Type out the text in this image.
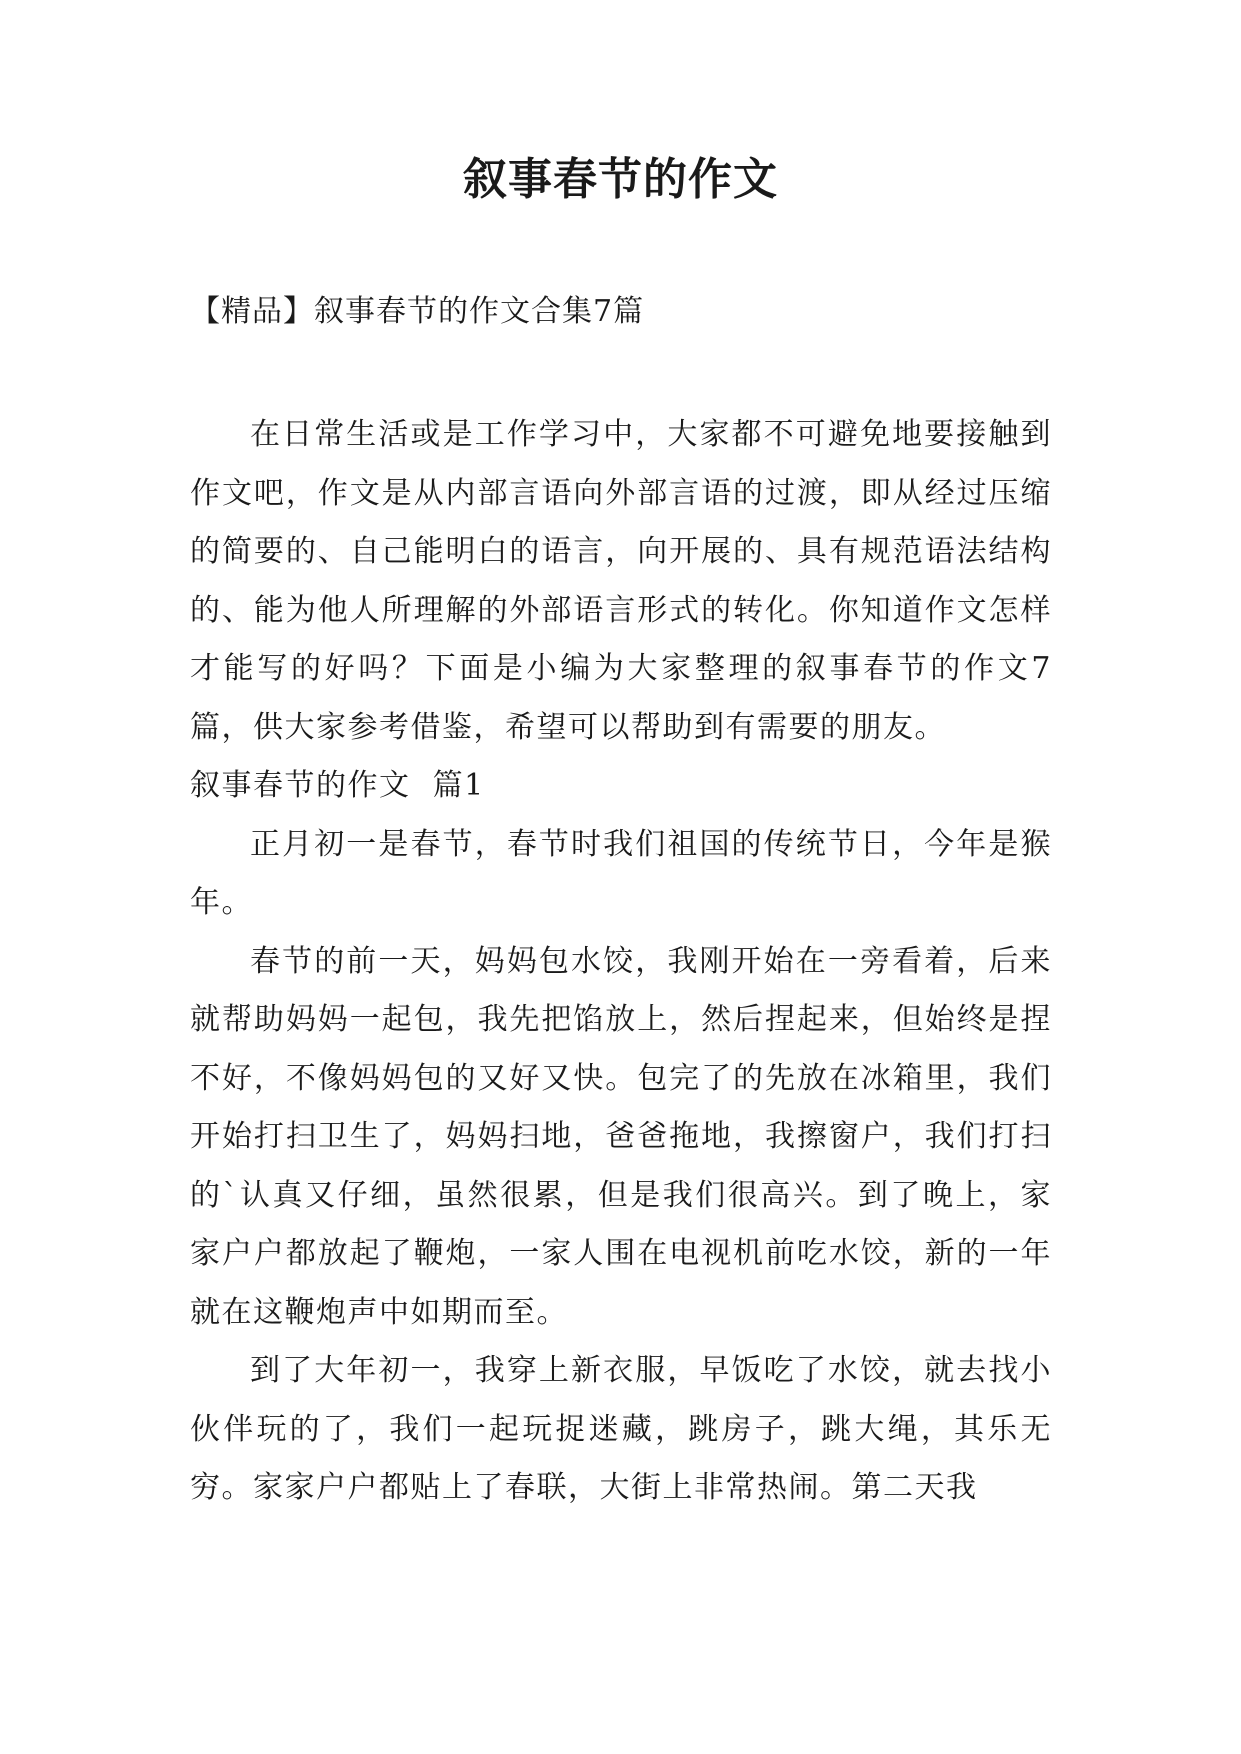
叙事春节的作文

【精品】叙事春节的作文合集7篇

在日常生活或是工作学习中，大家都不可避免地要接触到作文吧，作文是从内部言语向外部言语的过渡，即从经过压缩的简要的、自己能明白的语言，向开展的、具有规范语法结构的、能为他人所理解的外部语言形式的转化。你知道作文怎样才能写的好吗？下面是小编为大家整理的叙事春节的作文7篇，供大家参考借鉴，希望可以帮助到有需要的朋友。

叙事春节的作文  篇1

正月初一是春节，春节时我们祖国的传统节日，今年是猴年。

春节的前一天，妈妈包水饺，我刚开始在一旁看着，后来就帮助妈妈一起包，我先把馅放上，然后捏起来，但始终是捏不好，不像妈妈包的又好又快。包完了的先放在冰箱里，我们开始打扫卫生了，妈妈扫地，爸爸拖地，我擦窗户，我们打扫的`认真又仔细，虽然很累，但是我们很高兴。到了晚上，家家户户都放起了鞭炮，一家人围在电视机前吃水饺，新的一年就在这鞭炮声中如期而至。

到了大年初一，我穿上新衣服，早饭吃了水饺，就去找小伙伴玩的了，我们一起玩捉迷藏，跳房子，跳大绳，其乐无穷。家家户户都贴上了春联，大街上非常热闹。第二天我
